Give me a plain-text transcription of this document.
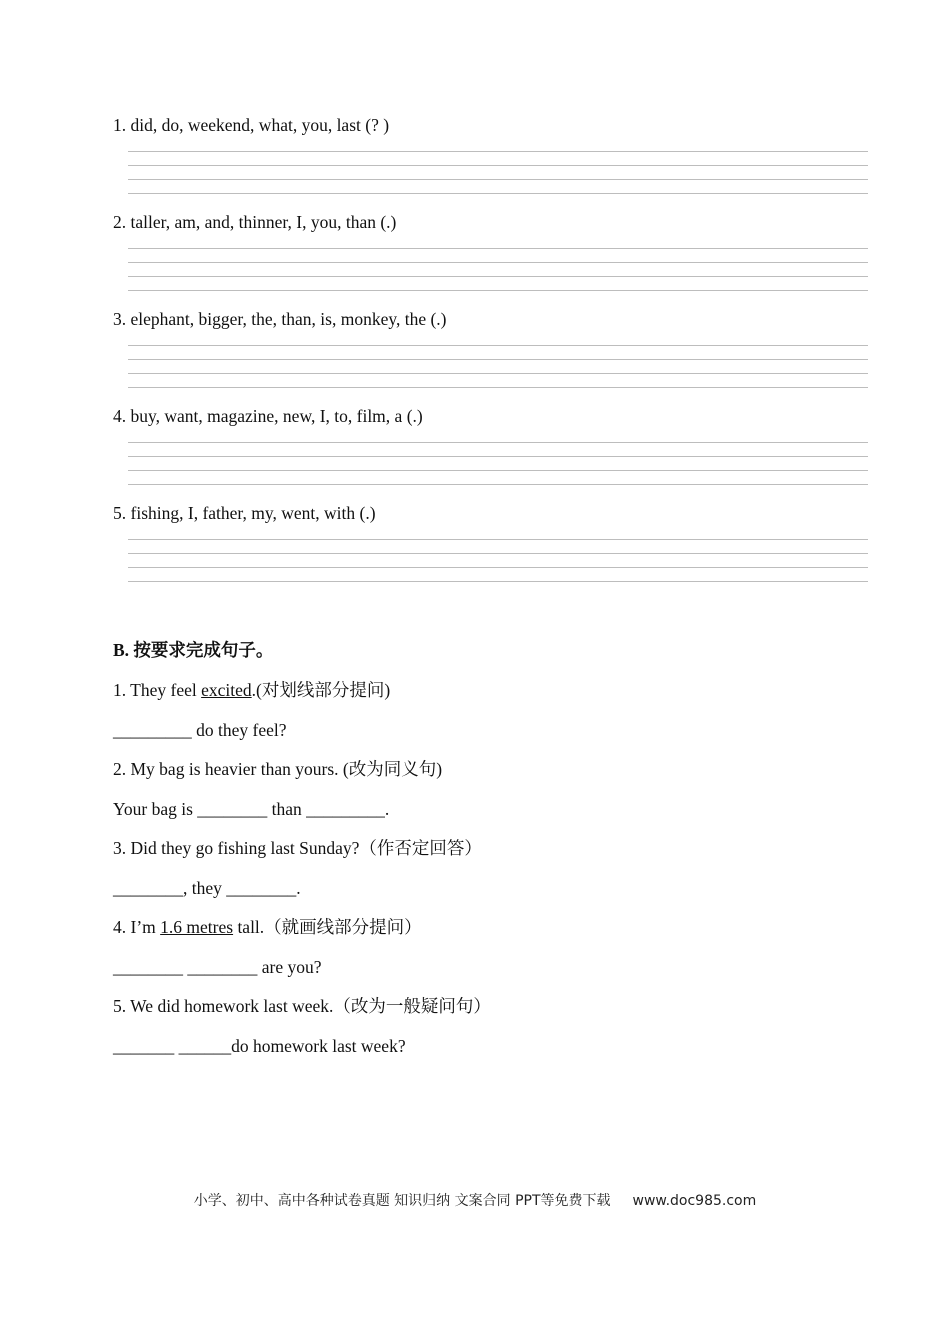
1. did, do, weekend, what, you, last (? )
2. taller, am, and, thinner, I, you, than (.)
3. elephant, bigger, the, than, is, monkey, the (.)
4. buy, want, magazine, new, I, to, film, a (.)
5. fishing, I, father, my, went, with (.)
B. 按要求完成句子。
1. They feel excited.(对划线部分提问)
_________ do they feel?
2. My bag is heavier than yours. (改为同义句)
Your bag is ________ than _________.
3. Did they go fishing last Sunday?（作否定回答）
________, they ________.
4. I’m 1.6 metres tall.（就画线部分提问）
________ ________ are you?
5. We did homework last week.（改为一般疑问句）
_______ ______do homework last week?
小学、初中、高中各种试卷真题 知识归纳 文案合同 PPT等免费下载 www.doc985.com
